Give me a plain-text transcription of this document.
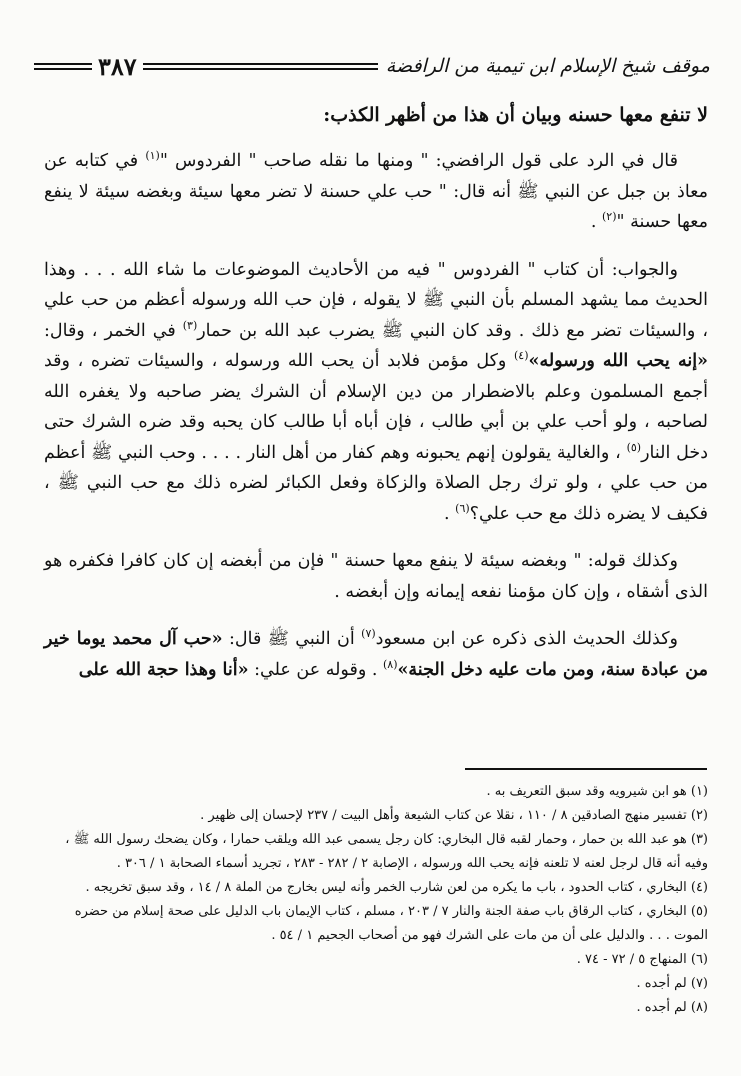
موقف شيخ الإسلام ابن تيمية من الرافضة
٣٨٧
لا تنفع معها حسنه وبيان أن هذا من أظهر الكذب:

قال في الرد على قول الرافضي: " ومنها ما نقله صاحب " الفردوس "$^{(١)}$ في كتابه عن معاذ بن جبل عن النبي ﷺ أنه قال: " حب علي حسنة لا تضر معها سيئة وبغضه سيئة لا ينفع معها حسنة "$^{(٢)}$ .

والجواب: أن كتاب " الفردوس " فيه من الأحاديث الموضوعات ما شاء الله . . . وهذا الحديث مما يشهد المسلم بأن النبي ﷺ لا يقوله ، فإن حب الله ورسوله أعظم من حب علي ، والسيئات تضر مع ذلك . وقد كان النبي ﷺ يضرب عبد الله بن حمار$^{(٣)}$ في الخمر ، وقال: «إنه يحب الله ورسوله»$^{(٤)}$ وكل مؤمن فلابد أن يحب الله ورسوله ، والسيئات تضره ، وقد أجمع المسلمون وعلم بالاضطرار من دين الإسلام أن الشرك يضر صاحبه ولا يغفره الله لصاحبه ، ولو أحب علي بن أبي طالب ، فإن أباه أبا طالب كان يحبه وقد ضره الشرك حتى دخل النار$^{(٥)}$ ، والغالية يقولون إنهم يحبونه وهم كفار من أهل النار . . . . وحب النبي ﷺ أعظم من حب علي ، ولو ترك رجل الصلاة والزكاة وفعل الكبائر لضره ذلك مع حب النبي ﷺ ، فكيف لا يضره ذلك مع حب علي؟$^{(٦)}$ .

وكذلك قوله: " وبغضه سيئة لا ينفع معها حسنة " فإن من أبغضه إن كان كافرا فكفره هو الذى أشقاه ، وإن كان مؤمنا نفعه إيمانه وإن أبغضه .

وكذلك الحديث الذى ذكره عن ابن مسعود$^{(٧)}$ أن النبي ﷺ قال: «حب آل محمد يوما خير من عبادة سنة، ومن مات عليه دخل الجنة»$^{(٨)}$ . وقوله عن علي: «أنا وهذا حجة الله على

(١) هو ابن شيرويه وقد سبق التعريف به .

(٢) تفسير منهج الصادقين ٨ / ١١٠ ، نقلا عن كتاب الشيعة وأهل البيت / ٢٣٧ لإحسان إلى ظهير .

(٣) هو عبد الله بن حمار ، وحمار لقبه قال البخاري: كان رجل يسمى عبد الله ويلقب حمارا ، وكان يضحك رسول الله ﷺ ، وفيه أنه قال لرجل لعنه لا تلعنه فإنه يحب الله ورسوله ، الإصابة ٢ / ٢٨٢ - ٢٨٣ ، تجريد أسماء الصحابة ١ / ٣٠٦ .

(٤) البخاري ، كتاب الحدود ، باب ما يكره من لعن شارب الخمر وأنه ليس بخارج من الملة ٨ / ١٤ ، وقد سبق تخريجه .

(٥) البخاري ، كتاب الرقاق باب صفة الجنة والنار ٧ / ٢٠٣ ، مسلم ، كتاب الإيمان باب الدليل على صحة إسلام من حضره الموت . . . والدليل على أن من مات على الشرك فهو من أصحاب الجحيم ١ / ٥٤ .

(٦) المنهاج ٥ / ٧٢ - ٧٤ .

(٧) لم أجده .

(٨) لم أجده .
